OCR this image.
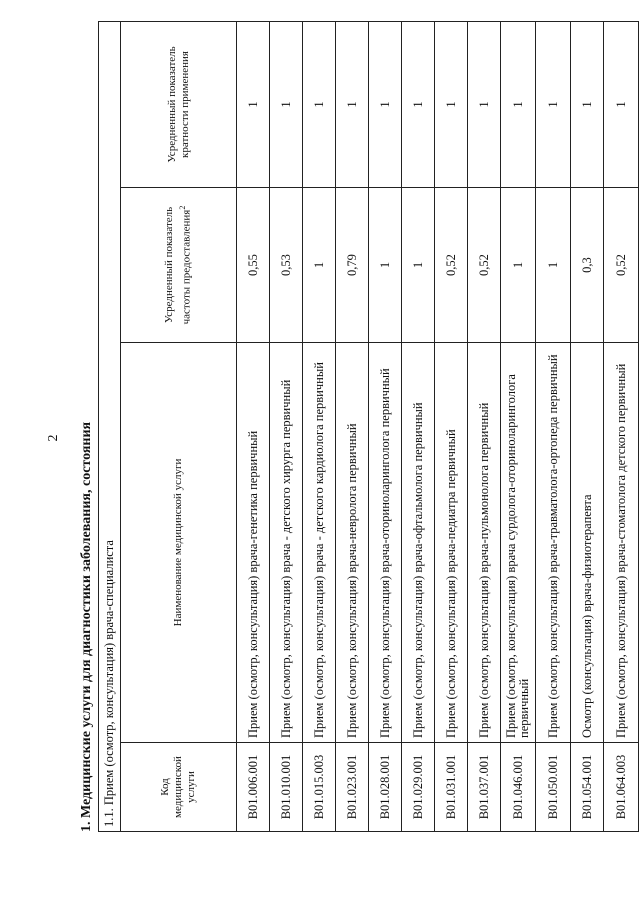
2 1. Медицинские услуги для диагностики заболевания, состояния 1.1. Прием (осмотр, консультация) врача-специалиста			
Код медицинской услуги	Наименование медицинской услуги	Усредненный показатель частоты предоставления$^2$	Усредненный показатель кратности применения
B01.006.001	Прием (осмотр, консультация) врача-генетика первичный	0,55	1
B01.010.001	Прием (осмотр, консультация) врача - детского хирурга первичный	0,53	1
B01.015.003	Прием (осмотр, консультация) врача - детского кардиолога первичный	1	1
B01.023.001	Прием (осмотр, консультация) врача-невролога первичный	0,79	1
B01.028.001	Прием (осмотр, консультация) врача-оториноларинголога первичный	1	1
B01.029.001	Прием (осмотр, консультация) врача-офтальмолога первичный	1	1
B01.031.001	Прием (осмотр, консультация) врача-педиатра первичный	0,52	1
B01.037.001	Прием (осмотр, консультация) врача-пульмонолога первичный	0,52	1
B01.046.001	Прием (осмотр, консультация) врача сурдолога-оториноларинголога первичный	1	1
B01.050.001	Прием (осмотр, консультация) врача-травматолога-ортопеда первичный	1	1
B01.054.001	Осмотр (консультация) врача-физиотерапевта	0,3	1
B01.064.003	Прием (осмотр, консультация) врача-стоматолога детского первичный	0,52	1
